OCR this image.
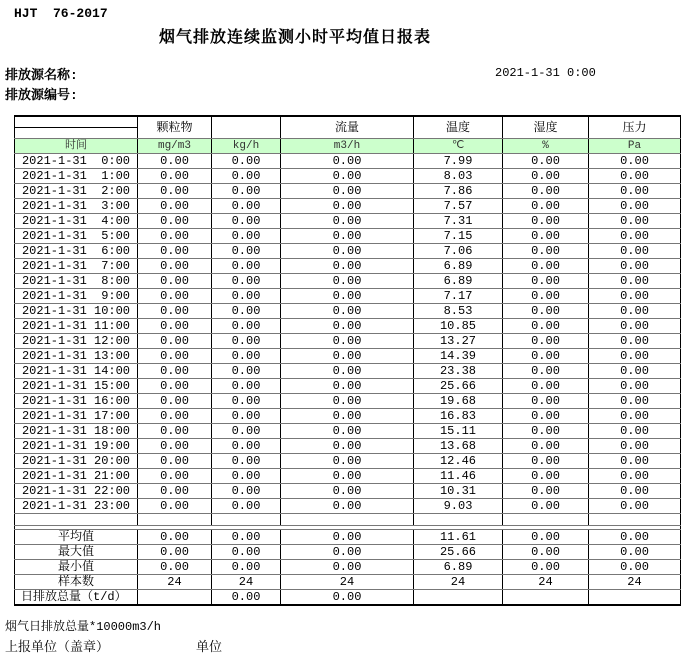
HJT  76-2017
烟气排放连续监测小时平均值日报表
排放源名称:	2021-1-31 0:00
排放源编号:
	颗粒物		流量	温度	湿度	压力

时间	mg/m3	kg/h	m3/h	℃	%	Pa
2021-1-31  0:00	0.00	0.00	0.00	7.99	0.00	0.00
2021-1-31  1:00	0.00	0.00	0.00	8.03	0.00	0.00
2021-1-31  2:00	0.00	0.00	0.00	7.86	0.00	0.00
2021-1-31  3:00	0.00	0.00	0.00	7.57	0.00	0.00
2021-1-31  4:00	0.00	0.00	0.00	7.31	0.00	0.00
2021-1-31  5:00	0.00	0.00	0.00	7.15	0.00	0.00
2021-1-31  6:00	0.00	0.00	0.00	7.06	0.00	0.00
2021-1-31  7:00	0.00	0.00	0.00	6.89	0.00	0.00
2021-1-31  8:00	0.00	0.00	0.00	6.89	0.00	0.00
2021-1-31  9:00	0.00	0.00	0.00	7.17	0.00	0.00
2021-1-31 10:00	0.00	0.00	0.00	8.53	0.00	0.00
2021-1-31 11:00	0.00	0.00	0.00	10.85	0.00	0.00
2021-1-31 12:00	0.00	0.00	0.00	13.27	0.00	0.00
2021-1-31 13:00	0.00	0.00	0.00	14.39	0.00	0.00
2021-1-31 14:00	0.00	0.00	0.00	23.38	0.00	0.00
2021-1-31 15:00	0.00	0.00	0.00	25.66	0.00	0.00
2021-1-31 16:00	0.00	0.00	0.00	19.68	0.00	0.00
2021-1-31 17:00	0.00	0.00	0.00	16.83	0.00	0.00
2021-1-31 18:00	0.00	0.00	0.00	15.11	0.00	0.00
2021-1-31 19:00	0.00	0.00	0.00	13.68	0.00	0.00
2021-1-31 20:00	0.00	0.00	0.00	12.46	0.00	0.00
2021-1-31 21:00	0.00	0.00	0.00	11.46	0.00	0.00
2021-1-31 22:00	0.00	0.00	0.00	10.31	0.00	0.00
2021-1-31 23:00	0.00	0.00	0.00	9.03	0.00	0.00

平均值	0.00	0.00	0.00	11.61	0.00	0.00
最大值	0.00	0.00	0.00	25.66	0.00	0.00
最小值	0.00	0.00	0.00	6.89	0.00	0.00
样本数	24	24	24	24	24	24
日排放总量（t/d）		0.00	0.00			
烟气日排放总量*10000m3/h
上报单位（盖章）	单位
